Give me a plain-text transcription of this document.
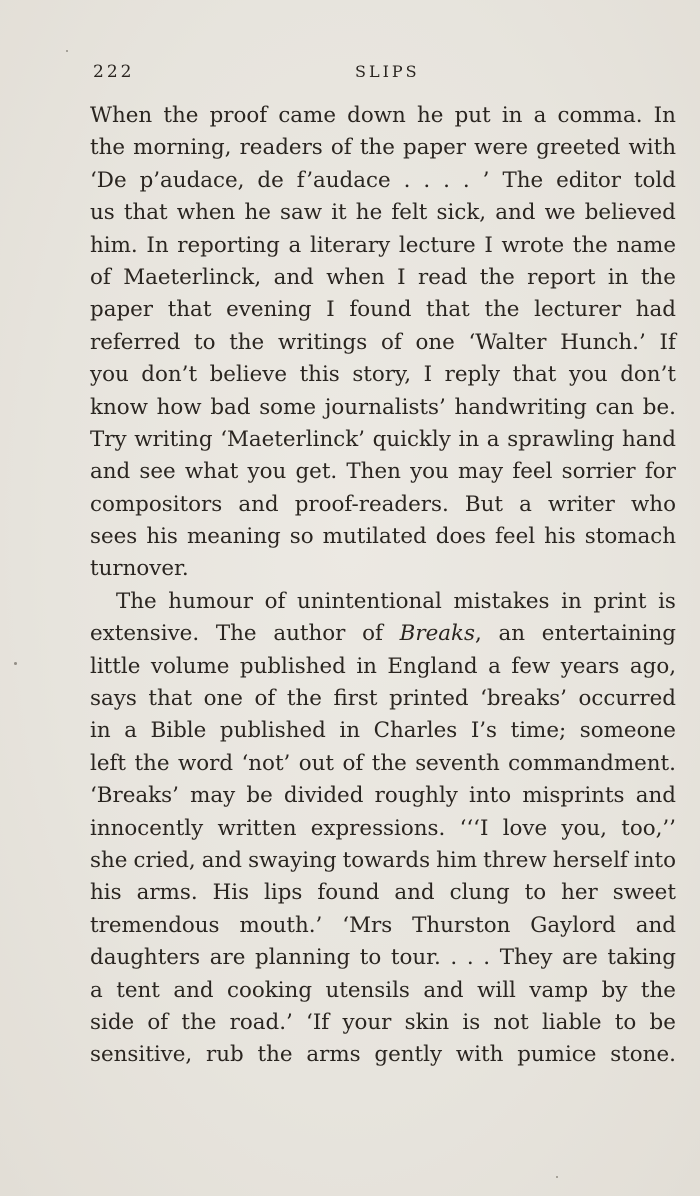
222	SLIPS
When the proof came down he put in a comma. In
the morning, readers of the paper were greeted with
‘De p’audace, de f’audace . . . . ’ The editor told
us that when he saw it he felt sick, and we believed
him. In reporting a literary lecture I wrote the name
of Maeterlinck, and when I read the report in the
paper that evening I found that the lecturer had
referred to the writings of one ‘Walter Hunch.’ If
you don’t believe this story, I reply that you don’t
know how bad some journalists’ handwriting can be.
Try writing ‘Maeterlinck’ quickly in a sprawling hand
and see what you get. Then you may feel sorrier for
compositors and proof-readers. But a writer who
sees his meaning so mutilated does feel his stomach
turn over.
The humour of unintentional mistakes in print is
extensive. The author of Breaks, an entertaining
little volume published in England a few years ago,
says that one of the first printed ‘breaks’ occurred
in a Bible published in Charles I’s time; someone
left the word ‘not’ out of the seventh commandment.
‘Breaks’ may be divided roughly into misprints and
innocently written expressions. ‘‘‘I love you, too,’’
she cried, and swaying towards him threw herself into
his arms. His lips found and clung to her sweet
tremendous mouth.’ ‘Mrs Thurston Gaylord and
daughters are planning to tour. . . . They are taking
a tent and cooking utensils and will vamp by the
side of the road.’ ‘If your skin is not liable to be
sensitive, rub the arms gently with pumice stone.
